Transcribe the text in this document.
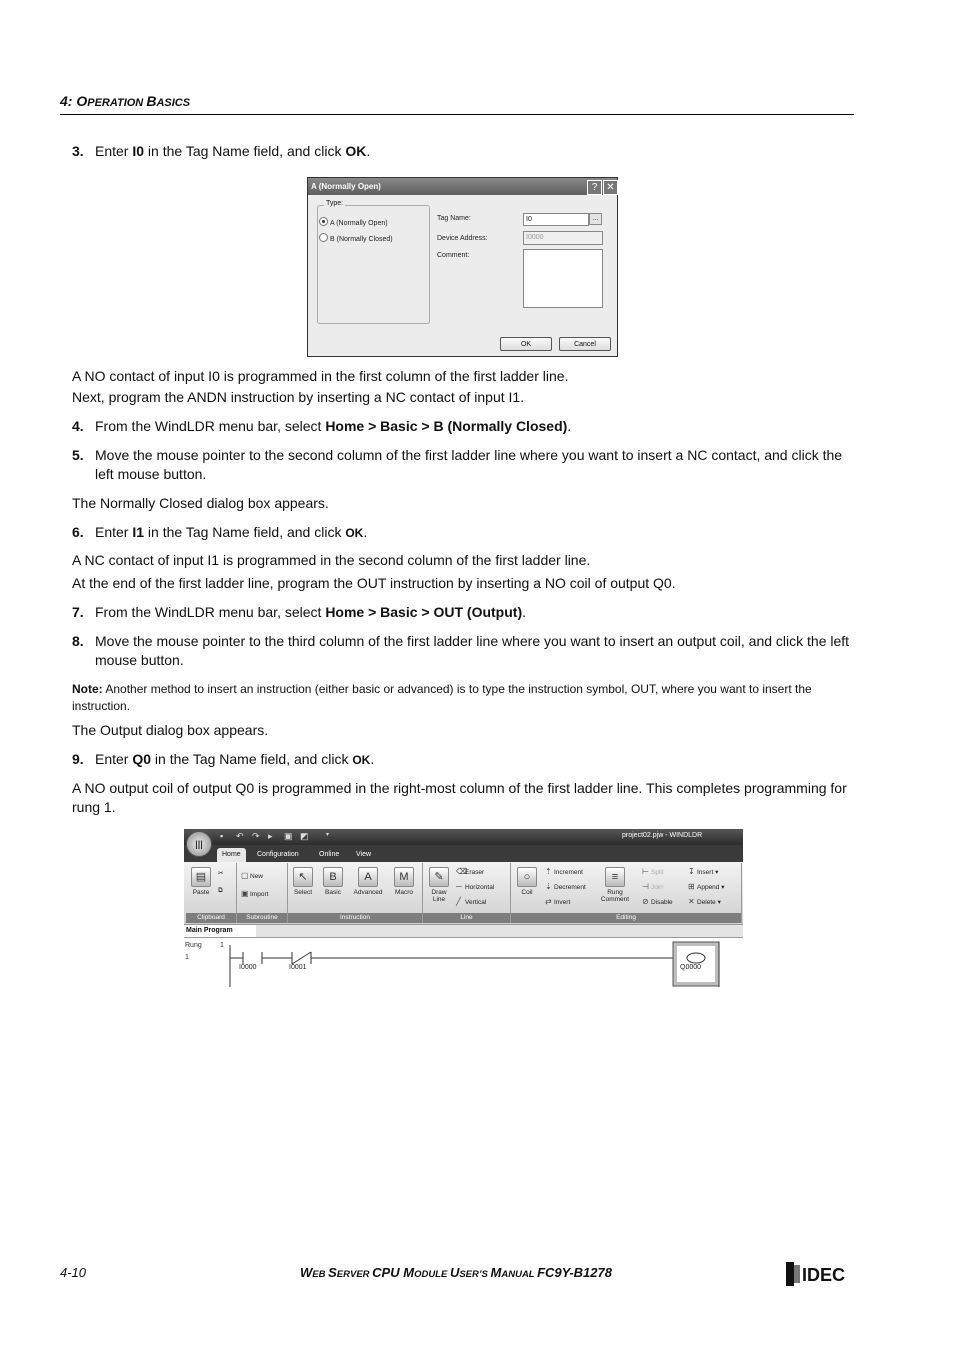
4: OPERATION BASICS
3. Enter I0 in the Tag Name field, and click OK.
A (Normally Open)	? ✕
Type:
A (Normally Open)
B (Normally Closed)
Tag Name:	I0	...
Device Address:	I0000
Comment:
OK	Cancel
A NO contact of input I0 is programmed in the first column of the first ladder line.
Next, program the ANDN instruction by inserting a NC contact of input I1.
4. From the WindLDR menu bar, select Home > Basic > B (Normally Closed).
5. Move the mouse pointer to the second column of the first ladder line where you want to insert a NC contact, and click the left mouse button.
The Normally Closed dialog box appears.
6. Enter I1 in the Tag Name field, and click OK.
A NC contact of input I1 is programmed in the second column of the first ladder line.
At the end of the first ladder line, program the OUT instruction by inserting a NO coil of output Q0.
7. From the WindLDR menu bar, select Home > Basic > OUT (Output).
8. Move the mouse pointer to the third column of the first ladder line where you want to insert an output coil, and click the left mouse button.
Note: Another method to insert an instruction (either basic or advanced) is to type the instruction symbol, OUT, where you want to insert the instruction.
The Output dialog box appears.
9. Enter Q0 in the Tag Name field, and click OK.
A NO output coil of output Q0 is programmed in the right-most column of the first ladder line. This completes programming for rung 1.
▪ ↶ ↷ ▸ ▣ ◩	▾	project02.pjw - WINDLDR
|||
Home	Configuration	Online	View
▤
Paste
✂
⧉
Clipboard
▢New
▣Import
Subroutine
↖
Select
B
Basic
A
Advanced
M
Macro
Instruction
✎
Draw Line
⌫Eraser
─ Horizontal
╱ Vertical
Line
○
Coil
⇡ Increment
⇣ Decrement
⇄ Invert
≡
Rung Comment
⊢ Split
⊣ Join
⊘ Disable
↧ Insert ▾
⊞ Append ▾
✕ Delete ▾
Editing
Main Program
Rung	1
1
I0000	I0001	Q0000
4-10	WEB SERVER CPU MODULE USER’S MANUAL FC9Y-B1278	IDEC
